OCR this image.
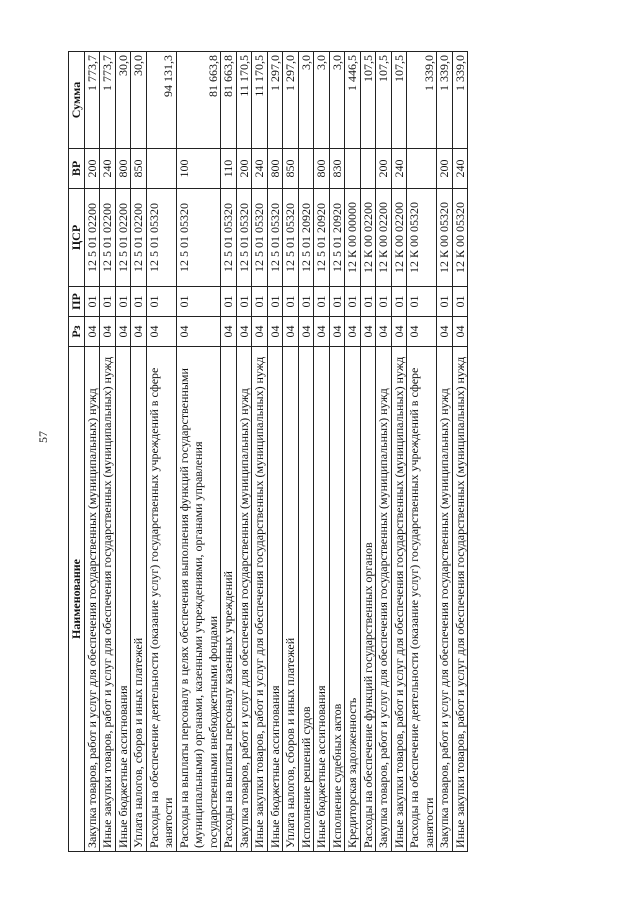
57
Наименование	Рз	ПР	ЦСР	ВР	Сумма
Закупка товаров, работ и услуг для обеспечения государственных (муниципальных) нужд	04	01	12 5 01 02200	200	1 773,7
Иные закупки товаров, работ и услуг для обеспечения государственных (муниципальных) нужд	04	01	12 5 01 02200	240	1 773,7
Иные бюджетные ассигнования	04	01	12 5 01 02200	800	30,0
Уплата налогов, сборов и иных платежей	04	01	12 5 01 02200	850	30,0
Расходы на обеспечение деятельности (оказание услуг) государственных учреждений в сфере занятости	04	01	12 5 01 05320		94 131,3
Расходы на выплаты персоналу в целях обеспечения выполнения функций государственными (муниципальными) органами, казенными учреждениями, органами управления государственными внебюджетными фондами	04	01	12 5 01 05320	100	81 663,8
Расходы на выплаты персоналу казенных учреждений	04	01	12 5 01 05320	110	81 663,8
Закупка товаров, работ и услуг для обеспечения государственных (муниципальных) нужд	04	01	12 5 01 05320	200	11 170,5
Иные закупки товаров, работ и услуг для обеспечения государственных (муниципальных) нужд	04	01	12 5 01 05320	240	11 170,5
Иные бюджетные ассигнования	04	01	12 5 01 05320	800	1 297,0
Уплата налогов, сборов и иных платежей	04	01	12 5 01 05320	850	1 297,0
Исполнение решений судов	04	01	12 5 01 20920		3,0
Иные бюджетные ассигнования	04	01	12 5 01 20920	800	3,0
Исполнение судебных актов	04	01	12 5 01 20920	830	3,0
Кредиторская задолженность	04	01	12 К 00 00000		1 446,5
Расходы на обеспечение функций государственных органов	04	01	12 К 00 02200		107,5
Закупка товаров, работ и услуг для обеспечения государственных (муниципальных) нужд	04	01	12 К 00 02200	200	107,5
Иные закупки товаров, работ и услуг для обеспечения государственных (муниципальных) нужд	04	01	12 К 00 02200	240	107,5
Расходы на обеспечение деятельности (оказание услуг) государственных учреждений в сфере занятости	04	01	12 К 00 05320		1 339,0
Закупка товаров, работ и услуг для обеспечения государственных (муниципальных) нужд	04	01	12 К 00 05320	200	1 339,0
Иные закупки товаров, работ и услуг для обеспечения государственных (муниципальных) нужд	04	01	12 К 00 05320	240	1 339,0
